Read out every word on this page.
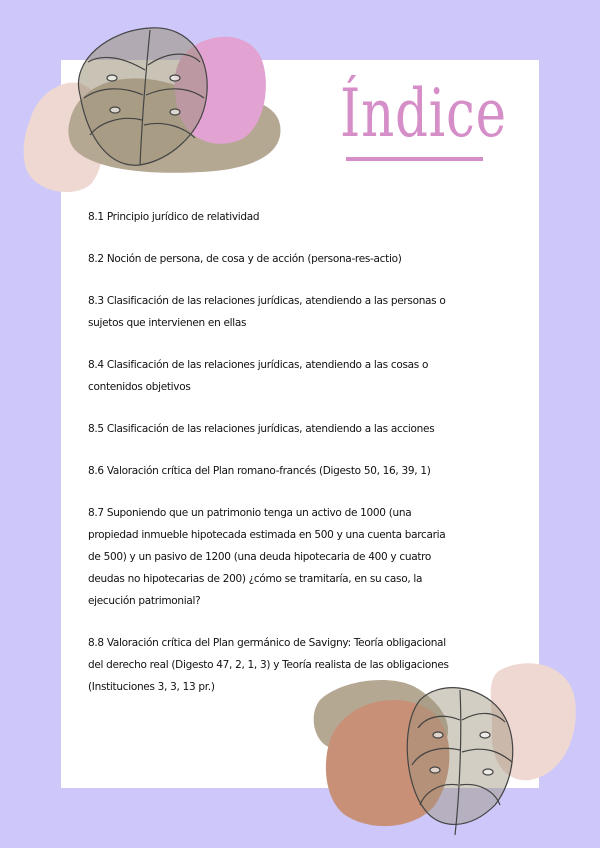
Índice
8.1 Principio jurídico de relatividad
8.2 Noción de persona, de cosa y de acción (persona-res-actio)
8.3 Clasificación de las relaciones jurídicas, atendiendo a las personas o sujetos que intervienen en ellas
8.4 Clasificación de las relaciones jurídicas, atendiendo a las cosas o contenidos objetivos
8.5 Clasificación de las relaciones jurídicas, atendiendo a las acciones
8.6 Valoración crítica del Plan romano-francés (Digesto 50, 16, 39, 1)
8.7 Suponiendo que un patrimonio tenga un activo de 1000 (una propiedad inmueble hipotecada estimada en 500 y una cuenta barcaria de 500) y un pasivo de 1200 (una deuda hipotecaria de 400 y cuatro deudas no hipotecarias de 200) ¿cómo se tramitaría, en su caso, la ejecución patrimonial?
8.8 Valoración crítica del Plan germánico de Savigny: Teoría obligacional del derecho real (Digesto 47, 2, 1, 3) y Teoría realista de las obligaciones (Instituciones 3, 3, 13 pr.)
